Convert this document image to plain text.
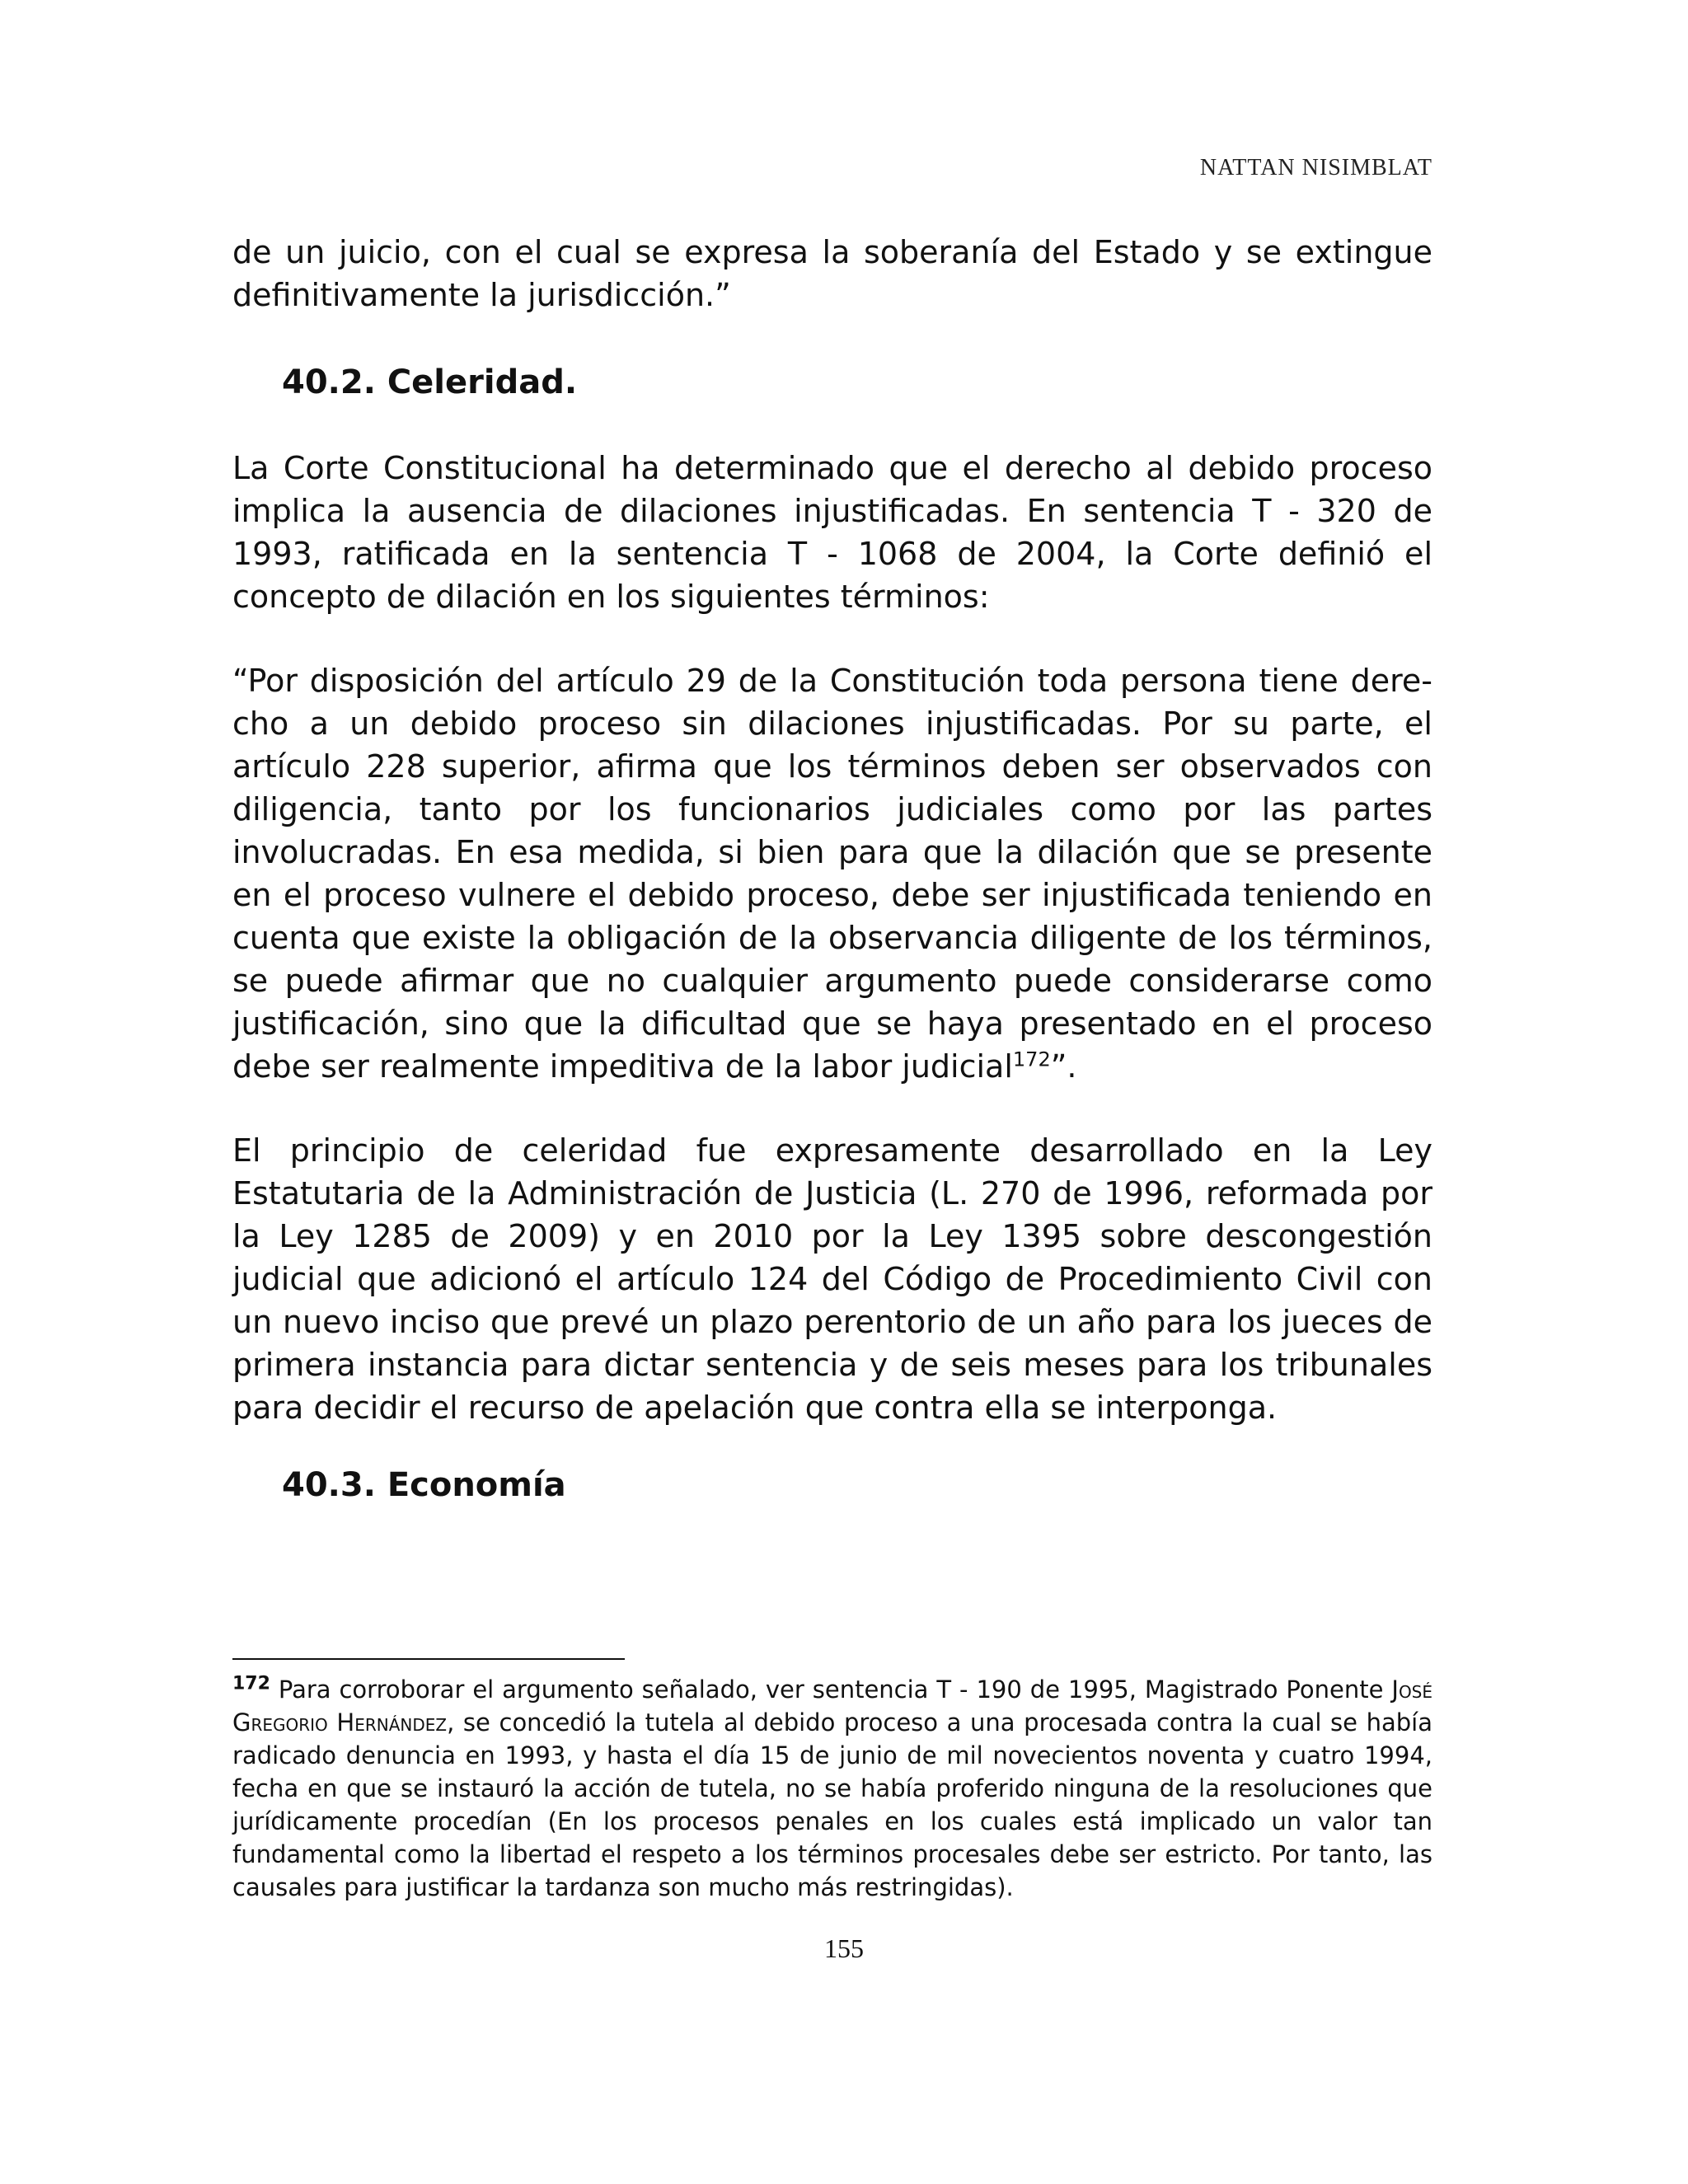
NATTAN NISIMBLAT

de un juicio, con el cual se expresa la soberanía del Estado y se extingue definitivamente la jurisdicción.”

40.2. Celeridad.

La Corte Constitucional ha determinado que el derecho al debido proceso implica la ausencia de dilaciones injustificadas. En sentencia T - 320 de 1993, ratificada en la sentencia T - 1068 de 2004, la Corte definió el concepto de dilación en los siguientes términos:

“Por disposición del artículo 29 de la Constitución toda persona tiene derecho a un debido proceso sin dilaciones injustificadas. Por su parte, el artículo 228 superior, afirma que los términos deben ser observados con diligencia, tanto por los funcionarios judiciales como por las partes involucradas. En esa medida, si bien para que la dilación que se presente en el proceso vulnere el debido proceso, debe ser injustificada teniendo en cuenta que existe la obligación de la observancia diligente de los términos, se puede afirmar que no cualquier argumento puede considerarse como justificación, sino que la dificultad que se haya presentado en el proceso debe ser realmente impeditiva de la labor judicial$^{172}$”.

El principio de celeridad fue expresamente desarrollado en la Ley Estatutaria de la Administración de Justicia (L. 270 de 1996, reformada por la Ley 1285 de 2009) y en 2010 por la Ley 1395 sobre descongestión judicial que adicionó el artículo 124 del Código de Procedimiento Civil con un nuevo inciso que prevé un plazo perentorio de un año para los jueces de primera instancia para dictar sentencia y de seis meses para los tribunales para decidir el recurso de apelación que contra ella se interponga.

40.3. Economía

$^{172}$ Para corroborar el argumento señalado, ver sentencia T - 190 de 1995, Magistrado Ponente José Gregorio Hernández, se concedió la tutela al debido proceso a una procesada contra la cual se había radicado denuncia en 1993, y hasta el día 15 de junio de mil novecientos noventa y cuatro 1994, fecha en que se instauró la acción de tutela, no se había proferido ninguna de la resoluciones que jurídicamente procedían (En los procesos penales en los cuales está implicado un valor tan fundamental como la libertad el respeto a los términos procesales debe ser estricto. Por tanto, las causales para justificar la tardanza son mucho más restringidas).

155
